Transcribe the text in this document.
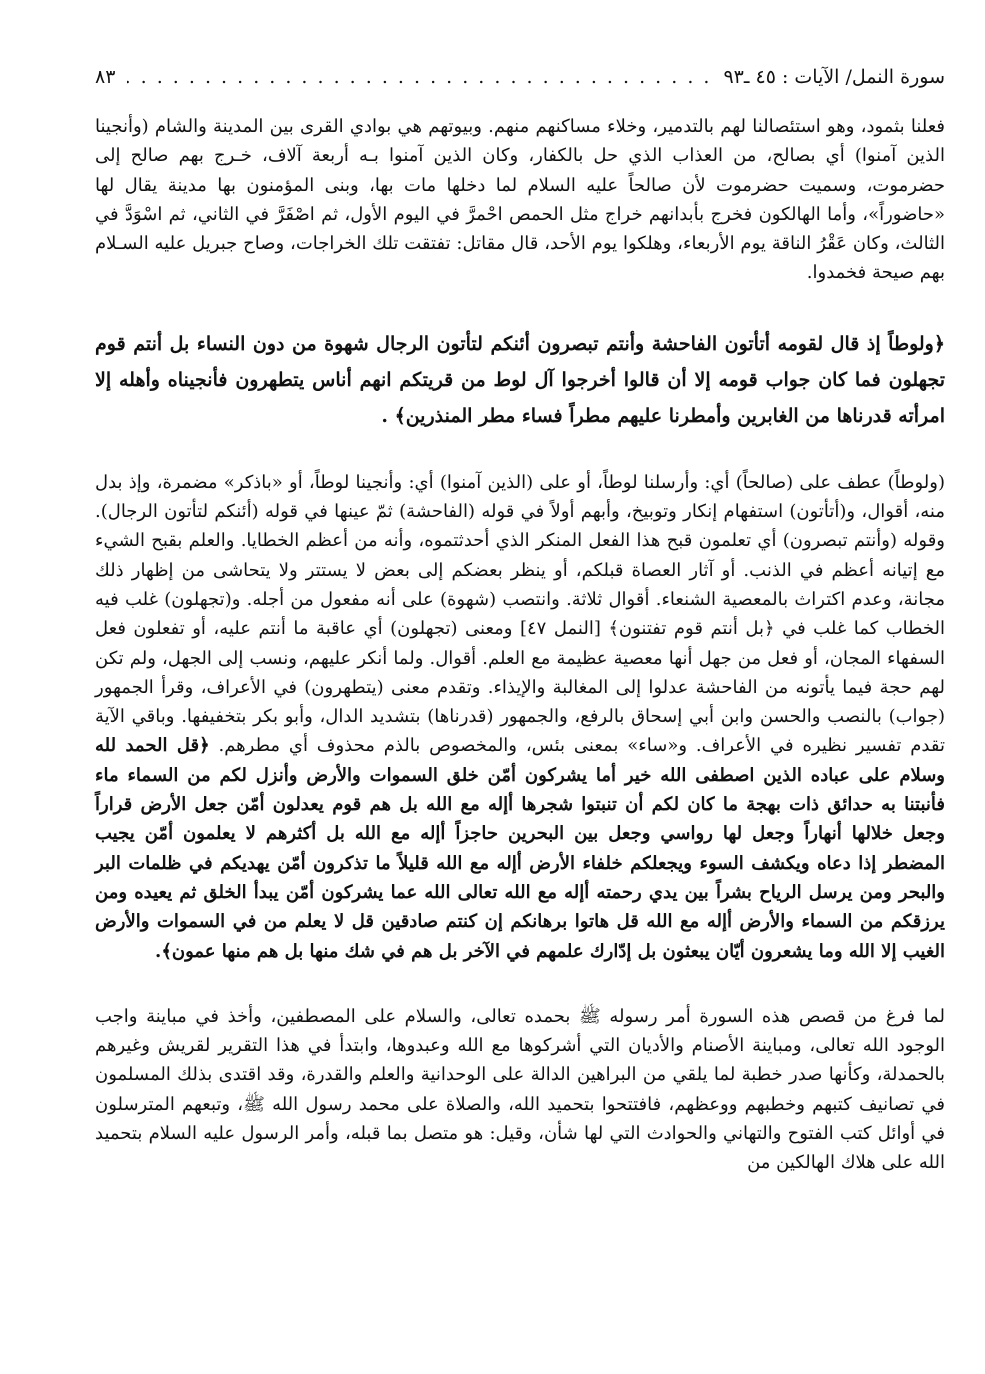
سورة النمل/ الآيات : ٤٥ ـ٩٣
. . .
٨٣

فعلنا بثمود، وهو استئصالنا لهم بالتدمير، وخلاء مساكنهم منهم. وبيوتهم هي بوادي القرى بين المدينة والشام (وأنجينا الذين آمنوا) أي بصالح، من العذاب الذي حل بالكفار، وكان الذين آمنوا بـه أربعة آلاف، خـرج بهم صالح إلى حضرموت، وسميت حضرموت لأن صالحاً عليه السلام لما دخلها مات بها، وبنى المؤمنون بها مدينة يقال لها «حاضوراً»، وأما الهالكون فخرج بأبدانهم خراج مثل الحمص احْمرَّ في اليوم الأول، ثم اصْفَرَّ في الثاني، ثم اسْوَدَّ في الثالث، وكان عَقْرُ الناقة يوم الأربعاء، وهلكوا يوم الأحد، قال مقاتل: تفتقت تلك الخراجات، وصاح جبريل عليه السـلام بهم صيحة فخمدوا.

﴿ولوطاً إذ قال لقومه أتأتون الفاحشة وأنتم تبصرون أئنكم لتأتون الرجال شهوة من دون النساء بل أنتم قوم تجهلون فما كان جواب قومه إلا أن قالوا أخرجوا آل لوط من قريتكم انهم أناس يتطهرون فأنجيناه وأهله إلا امرأته قدرناها من الغابرين وأمطرنا عليهم مطراً فساء مطر المنذرين﴾ .

(ولوطاً) عطف على (صالحاً) أي: وأرسلنا لوطاً، أو على (الذين آمنوا) أي: وأنجينا لوطاً، أو «باذكر» مضمرة، وإذ بدل منه، أقوال، و(أتأتون) استفهام إنكار وتوبيخ، وأبهم أولاً في قوله (الفاحشة) ثمّ عينها في قوله (أئنكم لتأتون الرجال). وقوله (وأنتم تبصرون) أي تعلمون قبح هذا الفعل المنكر الذي أحدثتموه، وأنه من أعظم الخطايا. والعلم بقبح الشيء مع إتيانه أعظم في الذنب. أو آثار العصاة قبلكم، أو ينظر بعضكم إلى بعض لا يستتر ولا يتحاشى من إظهار ذلك مجانة، وعدم اكتراث بالمعصية الشنعاء. أقوال ثلاثة. وانتصب (شهوة) على أنه مفعول من أجله. و(تجهلون) غلب فيه الخطاب كما غلب في ﴿بل أنتم قوم تفتنون﴾ [النمل ٤٧] ومعنى (تجهلون) أي عاقبة ما أنتم عليه، أو تفعلون فعل السفهاء المجان، أو فعل من جهل أنها معصية عظيمة مع العلم. أقوال. ولما أنكر عليهم، ونسب إلى الجهل، ولم تكن لهم حجة فيما يأتونه من الفاحشة عدلوا إلى المغالبة والإيذاء. وتقدم معنى (يتطهرون) في الأعراف، وقرأ الجمهور (جواب) بالنصب والحسن وابن أبي إسحاق بالرفع، والجمهور (قدرناها) بتشديد الدال، وأبو بكر بتخفيفها. وباقي الآية تقدم تفسير نظيره في الأعراف. و«ساء» بمعنى بئس، والمخصوص بالذم محذوف أي مطرهم. ﴿قل الحمد لله وسلام على عباده الذين اصطفى الله خير أما يشركون أمّن خلق السموات والأرض وأنزل لكم من السماء ماء فأنبتنا به حدائق ذات بهجة ما كان لكم أن تنبتوا شجرها أإله مع الله بل هم قوم يعدلون أمّن جعل الأرض قراراً وجعل خلالها أنهاراً وجعل لها رواسي وجعل بين البحرين حاجزاً أإله مع الله بل أكثرهم لا يعلمون أمّن يجيب المضطر إذا دعاه ويكشف السوء ويجعلكم خلفاء الأرض أإله مع الله قليلاً ما تذكرون أمّن يهديكم في ظلمات البر والبحر ومن يرسل الرياح بشراً بين يدي رحمته أإله مع الله تعالى الله عما يشركون أمّن يبدأ الخلق ثم يعيده ومن يرزقكم من السماء والأرض أإله مع الله قل هاتوا برهانكم إن كنتم صادقين قل لا يعلم من في السموات والأرض الغيب إلا الله وما يشعرون أيّان يبعثون بل إدّارك علمهم في الآخر بل هم في شك منها بل هم منها عمون﴾.

لما فرغ من قصص هذه السورة أمر رسوله ﷺ بحمده تعالى، والسلام على المصطفين، وأخذ في مباينة واجب الوجود الله تعالى، ومباينة الأصنام والأديان التي أشركوها مع الله وعبدوها، وابتدأ في هذا التقرير لقريش وغيرهم بالحمدلة، وكأنها صدر خطبة لما يلقي من البراهين الدالة على الوحدانية والعلم والقدرة، وقد اقتدى بذلك المسلمون في تصانيف كتبهم وخطبهم ووعظهم، فافتتحوا بتحميد الله، والصلاة على محمد رسول الله ﷺ، وتبعهم المترسلون في أوائل كتب الفتوح والتهاني والحوادث التي لها شأن، وقيل: هو متصل بما قبله، وأمر الرسول عليه السلام بتحميد الله على هلاك الهالكين من
